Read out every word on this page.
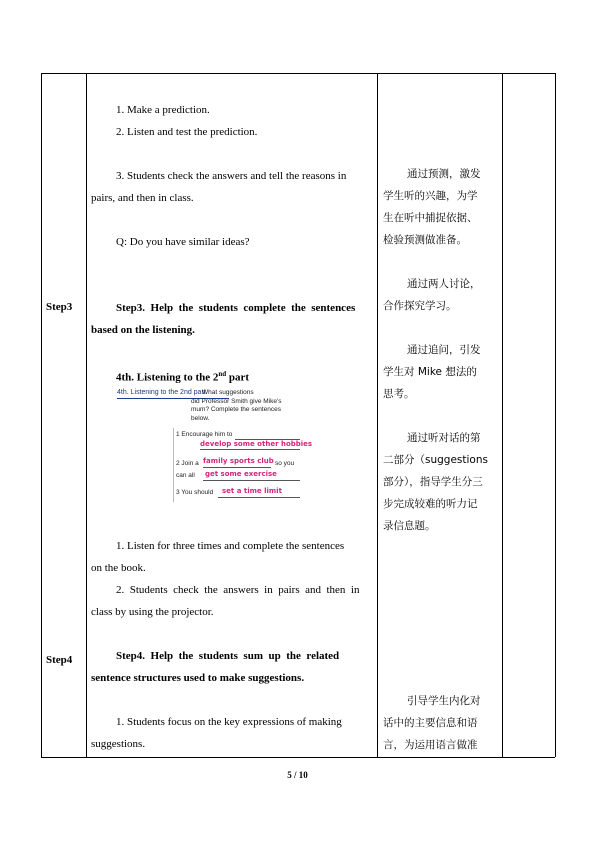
Step3
Step4
1. Make a prediction.
2. Listen and test the prediction.
3. Students check the answers and tell the reasons in
pairs, and then in class.
Q: Do you have similar ideas?
Step3.  Help  the  students  complete  the  sentences
based on the listening.
4th. Listening to the 2nd part
4th. Listening to the 2nd part
What suggestions
did Professor Smith give Mike's
mum? Complete the sentences
below.
1 Encourage him to
develop some other hobbies
family sports club
2 Join a	so you
can all get some exercise
3 You should set a time limit
1. Listen for three times and complete the sentences
on the book.
2.  Students  check  the  answers  in  pairs  and  then  in
class by using the projector.
Step4.  Help  the  students  sum  up  the  related
sentence structures used to make suggestions.
1. Students focus on the key expressions of making
suggestions.
通过预测，激发
学生听的兴趣，为学
生在听中捕捉依据、
检验预测做准备。
通过两人讨论，
合作探究学习。
通过追问，引发
学生对 Mike 想法的
思考。
通过听对话的第
二部分（suggestions
部分），指导学生分三
步完成较难的听力记
录信息题。
引导学生内化对
话中的主要信息和语
言，为运用语言做准
5 / 10
